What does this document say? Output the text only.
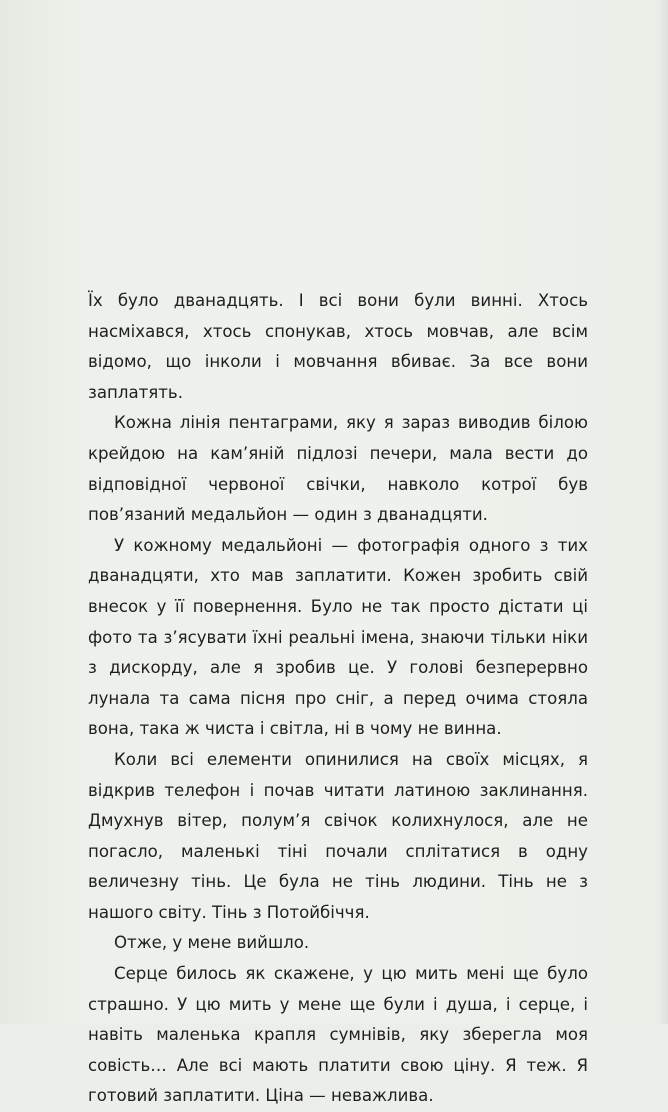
Їх було дванадцять. І всі вони були винні. Хтось насміхався, хтось спонукав, хтось мовчав, але всім відомо, що інколи і мовчання вбиває. За все вони заплатять.

Кожна лінія пентаграми, яку я зараз виводив білою крейдою на кам’яній підлозі печери, мала вести до відповідної червоної свічки, навколо котрої був пов’язаний медальйон — один з дванадцяти.

У кожному медальйоні — фотографія одного з тих дванадцяти, хто мав заплатити. Кожен зробить свій внесок у її повернення. Було не так просто дістати ці фото та з’ясувати їхні реальні імена, знаючи тільки ніки з дискорду, але я зробив це. У голові безперервно лунала та сама пісня про сніг, а перед очима стояла вона, така ж чиста і світла, ні в чому не винна.

Коли всі елементи опинилися на своїх місцях, я відкрив телефон і почав читати латиною заклинання. Дмухнув вітер, полум’я свічок колихнулося, але не погасло, маленькі тіні почали сплітатися в одну величезну тінь. Це була не тінь людини. Тінь не з нашого світу. Тінь з Потойбіччя.

Отже, у мене вийшло.

Серце билось як скажене, у цю мить мені ще було страшно. У цю мить у мене ще були і душа, і серце, і навіть маленька крапля сумнівів, яку зберегла моя совість… Але всі мають платити свою ціну. Я теж. Я готовий заплатити. Ціна — неважлива.
